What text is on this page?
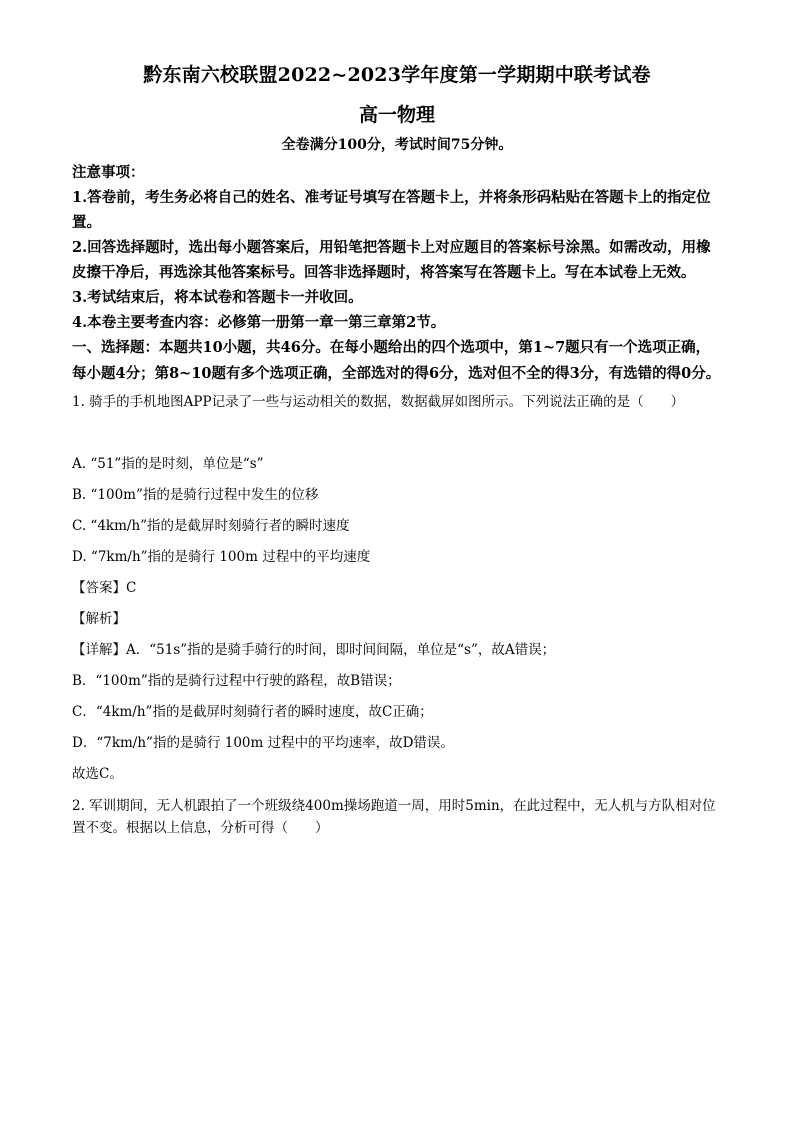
黔东南六校联盟2022~2023学年度第一学期期中联考试卷
高一物理
全卷满分100分，考试时间75分钟。

注意事项：

1.答卷前，考生务必将自己的姓名、准考证号填写在答题卡上，并将条形码粘贴在答题卡上的指定位置。

2.回答选择题时，选出每小题答案后，用铅笔把答题卡上对应题目的答案标号涂黑。如需改动，用橡皮擦干净后，再选涂其他答案标号。回答非选择题时，将答案写在答题卡上。写在本试卷上无效。

3.考试结束后，将本试卷和答题卡一并收回。

4.本卷主要考查内容：必修第一册第一章一第三章第2节。

一、选择题：本题共10小题，共46分。在每小题给出的四个选项中，第1~7题只有一个选项正确，每小题4分；第8~10题有多个选项正确，全部选对的得6分，选对但不全的得3分，有选错的得0分。

1. 骑手的手机地图APP记录了一些与运动相关的数据，数据截屏如图所示。下列说法正确的是（　　）

A. “51”指的是时刻，单位是“s”

B. “100m”指的是骑行过程中发生的位移

C. “4km/h”指的是截屏时刻骑行者的瞬时速度

D. “7km/h”指的是骑行 100m 过程中的平均速度

【答案】C

【解析】

【详解】A．“51s”指的是骑手骑行的时间，即时间间隔，单位是“s”，故A错误；

B．“100m”指的是骑行过程中行驶的路程，故B错误；

C．“4km/h”指的是截屏时刻骑行者的瞬时速度，故C正确；

D．“7km/h”指的是骑行 100m 过程中的平均速率，故D错误。

故选C。

2. 军训期间，无人机跟拍了一个班级绕400m操场跑道一周，用时5min，在此过程中，无人机与方队相对位置不变。根据以上信息，分析可得（　　）
